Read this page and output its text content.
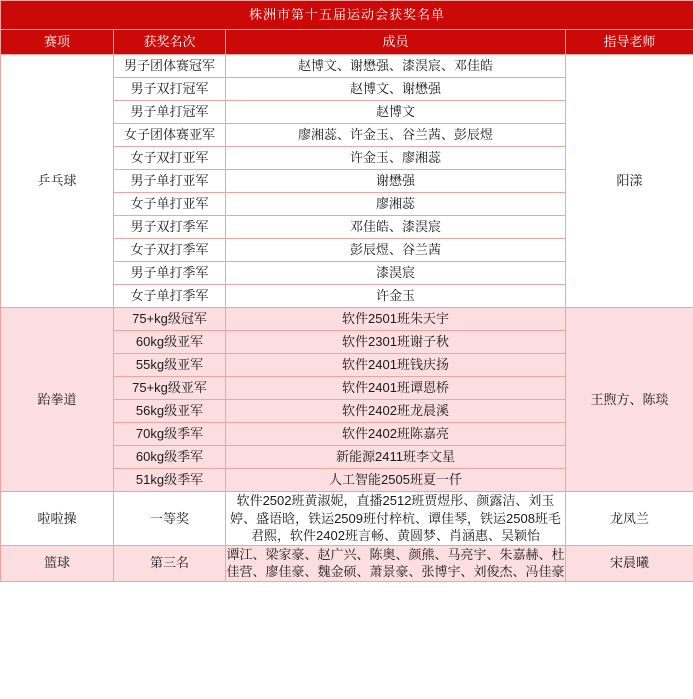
株洲市第十五届运动会获奖名单			
赛项	获奖名次	成员	指导老师
乒乓球	男子团体赛冠军	赵博文、谢懋强、漆淏宸、邓佳皓	阳漾
	男子双打冠军	赵博文、谢懋强	
	男子单打冠军	赵博文	
	女子团体赛亚军	廖湘蕊、许金玉、谷兰茜、彭辰煜	
	女子双打亚军	许金玉、廖湘蕊	
	男子单打亚军	谢懋强	
	女子单打亚军	廖湘蕊	
	男子双打季军	邓佳皓、漆淏宸	
	女子双打季军	彭辰煜、谷兰茜	
	男子单打季军	漆淏宸	
	女子单打季军	许金玉	
跆拳道	75+kg级冠军	软件2501班朱天宇	王煦方、陈琰
	60kg级亚军	软件2301班谢子秋	
	55kg级亚军	软件2401班钱庆扬	
	75+kg级亚军	软件2401班谭恩桥	
	56kg级亚军	软件2402班龙晨溪	
	70kg级季军	软件2402班陈嘉亮	
	60kg级季军	新能源2411班李文星	
	51kg级季军	人工智能2505班夏一仟	
啦啦操	一等奖	软件2502班黄淑妮，直播2512班贾煜彤、颜露洁、刘玉婷、盛语晗，铁运2509班付梓杭、谭佳琴，铁运2508班毛君熙，软件2402班言畅、黄圆梦、肖涵惠、吴颖怡	龙凤兰
篮球	第三名	谭江、梁家豪、赵广兴、陈奥、颜熊、马亮宇、朱嘉赫、杜佳营、廖佳豪、魏金硕、萧景豪、张博宇、刘俊杰、冯佳豪	宋晨曦
